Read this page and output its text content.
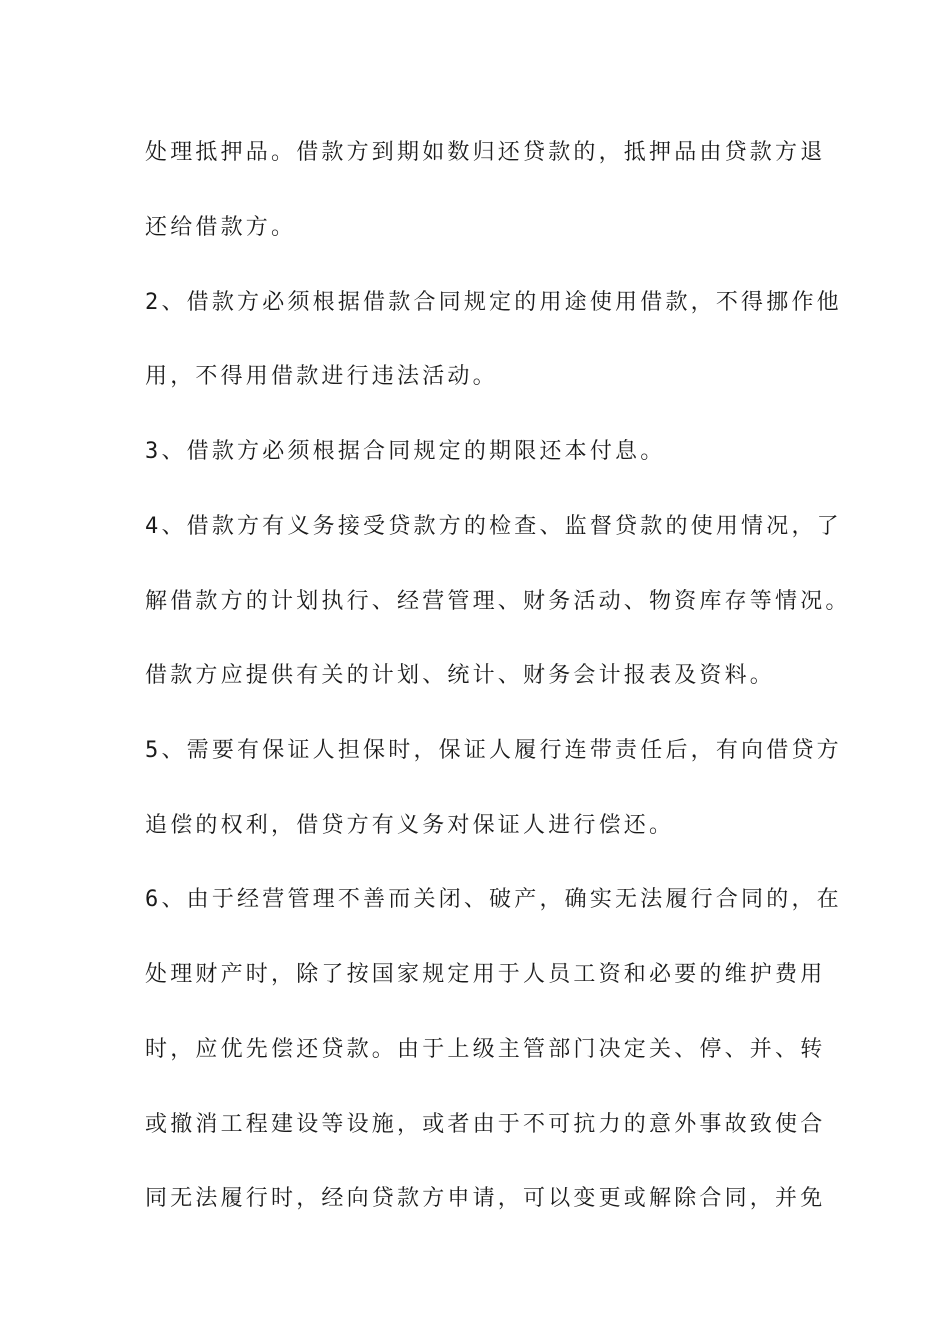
处理抵押品。借款方到期如数归还贷款的，抵押品由贷款方退

还给借款方。

2、借款方必须根据借款合同规定的用途使用借款，不得挪作他

用，不得用借款进行违法活动。

3、借款方必须根据合同规定的期限还本付息。

4、借款方有义务接受贷款方的检查、监督贷款的使用情况，了

解借款方的计划执行、经营管理、财务活动、物资库存等情况。

借款方应提供有关的计划、统计、财务会计报表及资料。

5、需要有保证人担保时，保证人履行连带责任后，有向借贷方

追偿的权利，借贷方有义务对保证人进行偿还。

6、由于经营管理不善而关闭、破产，确实无法履行合同的，在

处理财产时，除了按国家规定用于人员工资和必要的维护费用

时，应优先偿还贷款。由于上级主管部门决定关、停、并、转

或撤消工程建设等设施，或者由于不可抗力的意外事故致使合

同无法履行时，经向贷款方申请，可以变更或解除合同，并免
